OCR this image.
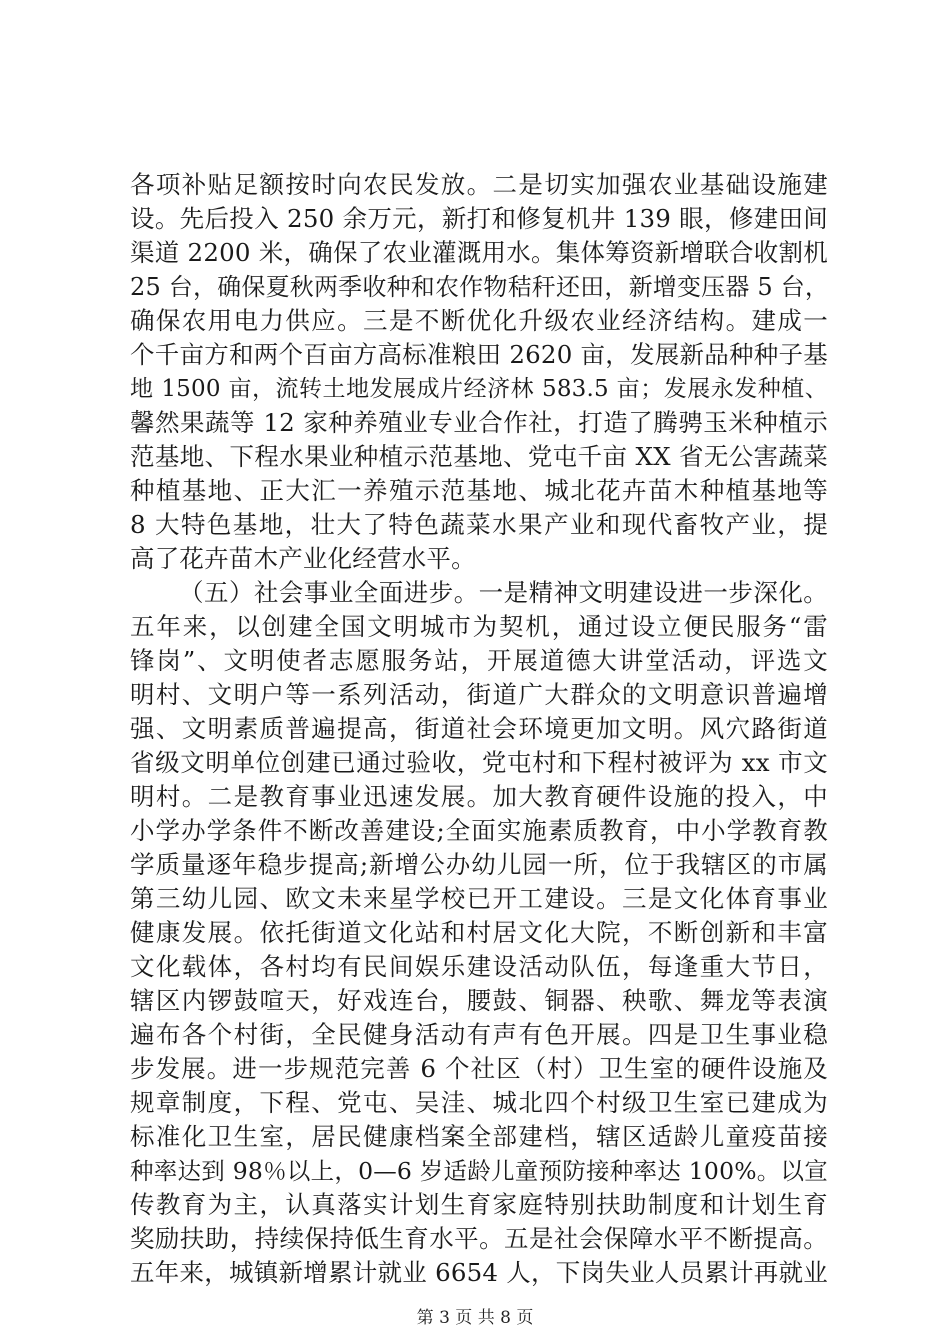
各项补贴足额按时向农民发放。二是切实加强农业基础设施建
设。先后投入 250 余万元，新打和修复机井 139 眼，修建田间
渠道 2200 米，确保了农业灌溉用水。集体筹资新增联合收割机
25 台，确保夏秋两季收种和农作物秸秆还田，新增变压器 5 台，
确保农用电力供应。三是不断优化升级农业经济结构。建成一
个千亩方和两个百亩方高标准粮田 2620 亩，发展新品种种子基
地 1500 亩，流转土地发展成片经济林 583.5 亩；发展永发种植、
馨然果蔬等 12 家种养殖业专业合作社，打造了腾骋玉米种植示
范基地、下程水果业种植示范基地、党屯千亩 XX 省无公害蔬菜
种植基地、正大汇一养殖示范基地、城北花卉苗木种植基地等
8 大特色基地，壮大了特色蔬菜水果产业和现代畜牧产业，提
高了花卉苗木产业化经营水平。
（五）社会事业全面进步。一是精神文明建设进一步深化。
五年来，以创建全国文明城市为契机，通过设立便民服务“雷
锋岗”、文明使者志愿服务站，开展道德大讲堂活动，评选文
明村、文明户等一系列活动，街道广大群众的文明意识普遍增
强、文明素质普遍提高，街道社会环境更加文明。风穴路街道
省级文明单位创建已通过验收，党屯村和下程村被评为 xx 市文
明村。二是教育事业迅速发展。加大教育硬件设施的投入，中
小学办学条件不断改善建设;全面实施素质教育，中小学教育教
学质量逐年稳步提高;新增公办幼儿园一所，位于我辖区的市属
第三幼儿园、欧文未来星学校已开工建设。三是文化体育事业
健康发展。依托街道文化站和村居文化大院，不断创新和丰富
文化载体，各村均有民间娱乐建设活动队伍，每逢重大节日，
辖区内锣鼓喧天，好戏连台，腰鼓、铜器、秧歌、舞龙等表演
遍布各个村街，全民健身活动有声有色开展。四是卫生事业稳
步发展。进一步规范完善 6 个社区（村）卫生室的硬件设施及
规章制度，下程、党屯、吴洼、城北四个村级卫生室已建成为
标准化卫生室，居民健康档案全部建档，辖区适龄儿童疫苗接
种率达到 98％以上，0—6 岁适龄儿童预防接种率达 100%。以宣
传教育为主，认真落实计划生育家庭特别扶助制度和计划生育
奖励扶助，持续保持低生育水平。五是社会保障水平不断提高。
五年来，城镇新增累计就业 6654 人，下岗失业人员累计再就业
第 3 页 共 8 页
